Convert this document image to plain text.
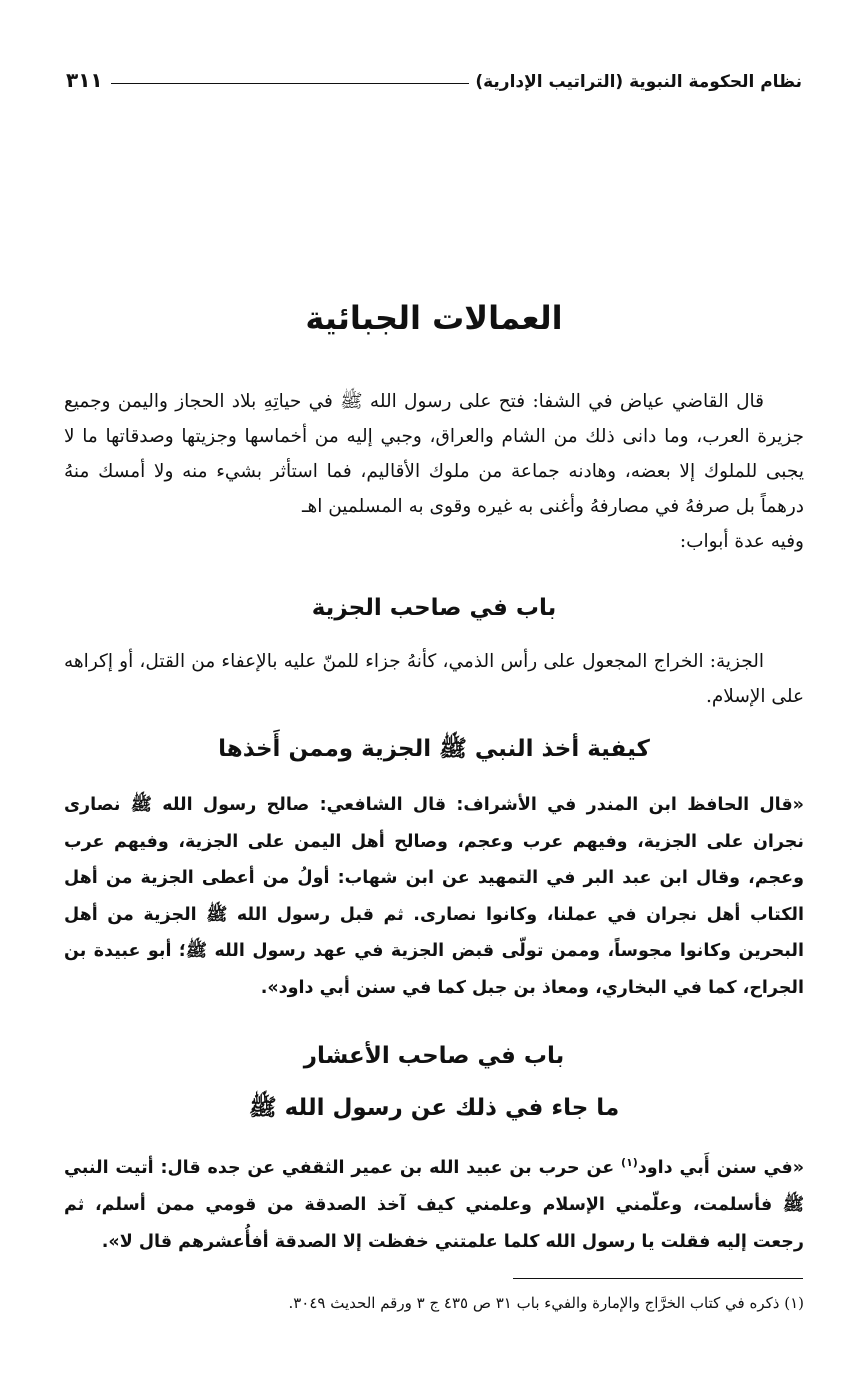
نظام الحكومة النبوية (التراتيب الإدارية)
٣١١
العمالات الجبائية

قال القاضي عياض في الشفا: فتح على رسول الله ﷺ في حياتِهِ بلاد الحجاز واليمن وجميع جزيرة العرب، وما دانى ذلك من الشام والعراق، وجبي إليه من أخماسها وجزيتها وصدقاتها ما لا يجبى للملوك إلا بعضه، وهادنه جماعة من ملوك الأقاليم، فما استأثر بشيء منه ولا أمسك منهُ درهماً بل صرفهُ في مصارفهُ وأغنى به غيره وقوى به المسلمين اهـ

وفيه عدة أبواب:

باب في صاحب الجزية

الجزية: الخراج المجعول على رأس الذمي، كأنهُ جزاء للمنّ عليه بالإعفاء من القتل، أو إكراهه على الإسلام.

كيفية أخذ النبي ﷺ الجزية وممن أَخذها

«قال الحافظ ابن المندر في الأشراف: قال الشافعي: صالح رسول الله ﷺ نصارى نجران على الجزية، وفيهم عرب وعجم، وصالح أهل اليمن على الجزية، وفيهم عرب وعجم، وقال ابن عبد البر في التمهيد عن ابن شهاب: أولُ من أعطى الجزية من أهل الكتاب أهل نجران في عملنا، وكانوا نصارى. ثم قبل رسول الله ﷺ الجزية من أهل البحرين وكانوا مجوساً، وممن تولّى قبض الجزية في عهد رسول الله ﷺ؛ أبو عبيدة بن الجراح، كما في البخاري، ومعاذ بن جبل كما في سنن أبي داود».

باب في صاحب الأعشار
ما جاء في ذلك عن رسول الله ﷺ

«في سنن أَبي داود$^{(١)}$ عن حرب بن عبيد الله بن عمير الثقفي عن جده قال: أتيت النبي ﷺ فأسلمت، وعلّمني الإسلام وعلمني كيف آخذ الصدقة من قومي ممن أسلم، ثم رجعت إليه فقلت يا رسول الله كلما علمتني خفظت إلا الصدقة أفأُعشرهم قال لا».

(١) ذكره في كتاب الخرَّاج والإمارة والفيء باب ٣١ ص ٤٣٥ ج ٣ ورقم الحديث ٣٠٤٩.
